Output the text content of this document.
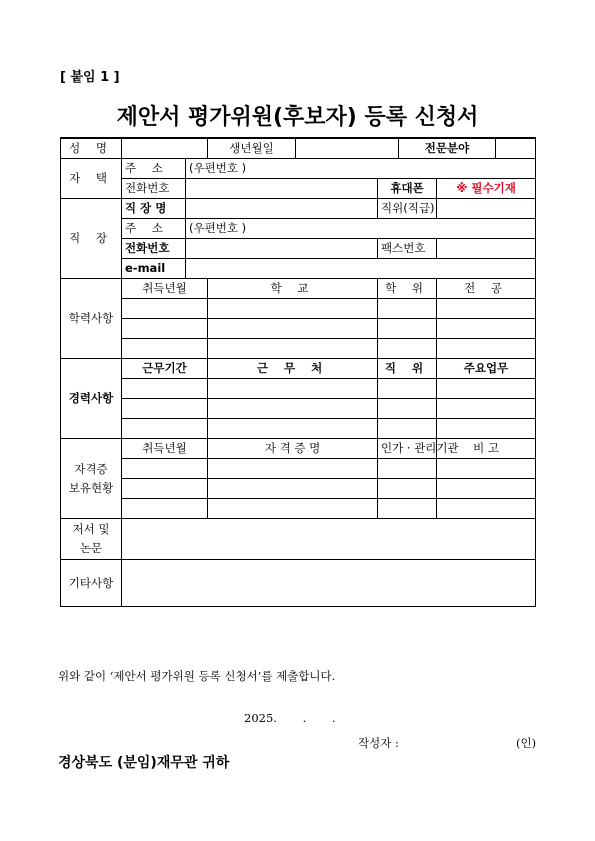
[ 붙임 1 ]
제안서 평가위원(후보자) 등록 신청서
성 명			생년월일			전문분야		
자 택	주 소	(우편번호 )						
	전화번호				휴대폰		※ 필수기재	
직 장	직 장 명				직위(직급)			
	주 소	(우편번호 )						
	전화번호				팩스번호			
	e-mail							
학력사항	취득년월		학 교		학 위		전 공	

경력사항	근무기간		근 무 처		직 위		주요업무	

자격증
보유현황	취득년월		자 격 증 명		인가 · 관리기관		비 고	

저서 및
논문								
기타사항								
위와 같이 ‘제안서 평가위원 등록 신청서’를 제출합니다.
2025. . .
작성자 :	(인)
경상북도 (분임)재무관 귀하
